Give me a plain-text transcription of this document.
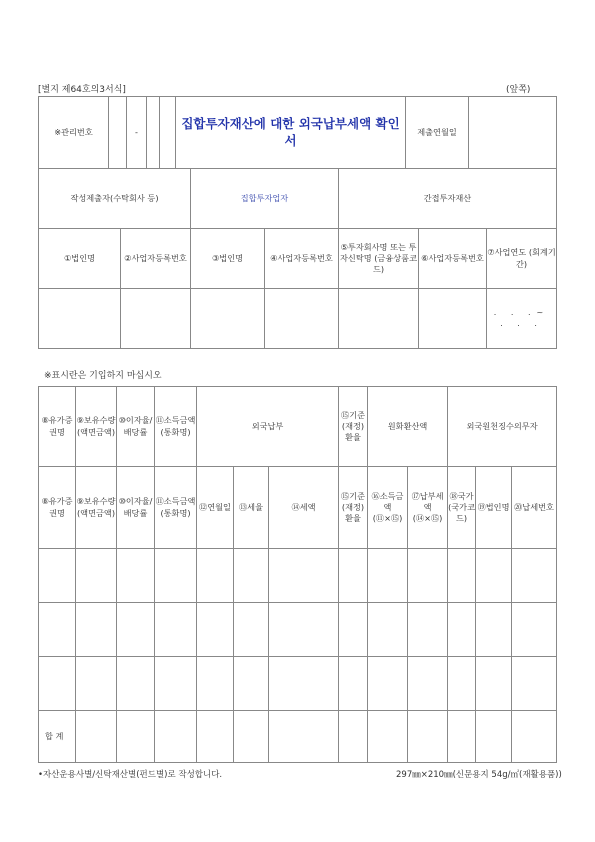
[별지 제64호의3서식]	(앞쪽)
※관리번호		-			집합투자재산에 대한 외국납부세액 확인서	제출연월일	
작성제출자(수탁회사 등)		집합투자업자		간접투자재산		
①법인명	②사업자등록번호	③법인명	④사업자등록번호	⑤투자회사명 또는 투자신탁명 (금융상품코드)	⑥사업자등록번호	⑦사업연도 (회계기간)

						. . .~
. . .
※표시란은 기입하지 마십시오
⑧유가증권명	⑨보유수량 (액면금액)	⑩이자율/ 배당률	⑪소득금액 (통화명)	외국납부			⑮기준(재정) 환율	원화환산액		외국원천징수의무자		
⑧유가증권명	⑨보유수량 (액면금액)	⑩이자율/ 배당률	⑪소득금액 (통화명)	⑫연월일	⑬세율	⑭세액	⑮기준(재정) 환율	⑯소득금액 (⑪×⑮)	⑰납부세액 (⑭×⑮)	⑱국가 (국가코드)	⑲법인명	⑳납세번호

합 계												
•자산운용사별/신탁재산별(펀드별)로 작성합니다.	297㎜×210㎜(신문용지 54g/㎡(재활용품))
